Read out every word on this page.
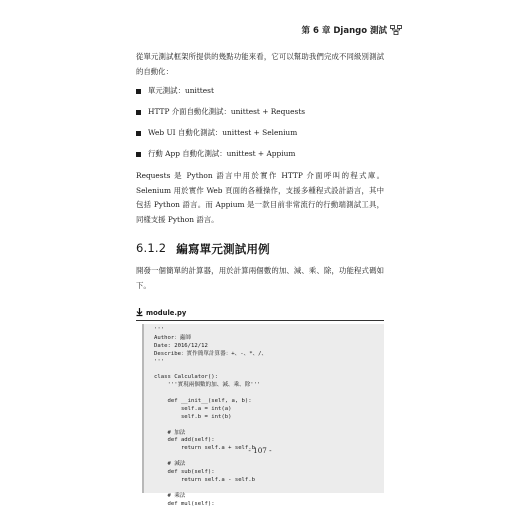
第 6 章 Django 測試

從單元測試框架所提供的幾點功能來看，它可以幫助我們完成不同級別測試的自動化：

單元測試：unittest
HTTP 介面自動化測試：unittest + Requests
Web UI 自動化測試：unittest + Selenium
行動 App 自動化測試：unittest + Appium

Requests 是 Python 語言中用於實作 HTTP 介面呼叫的程式庫。Selenium 用於實作 Web 頁面的各種操作，支援多種程式設計語言，其中包括 Python 語言。而 Appium 是一款目前非常流行的行動端測試工具，同樣支援 Python 語言。

6.1.2 編寫單元測試用例

開發一個簡單的計算器，用於計算兩個數的加、減、乘、除，功能程式碼如下。

module.py
'''
Author：蟲師
Date: 2016/12/12
Describe：實作簡單計算器：+、-、*、/、
'''
class Calculator():
'''實現兩個數的加、減、乘、除'''
def __init__(self, a, b):
self.a = int(a)
self.b = int(b)
# 加法
def add(self):
return self.a + self.b
# 減法
def sub(self):
return self.a - self.b
# 乘法
def mul(self):
- 107 -
